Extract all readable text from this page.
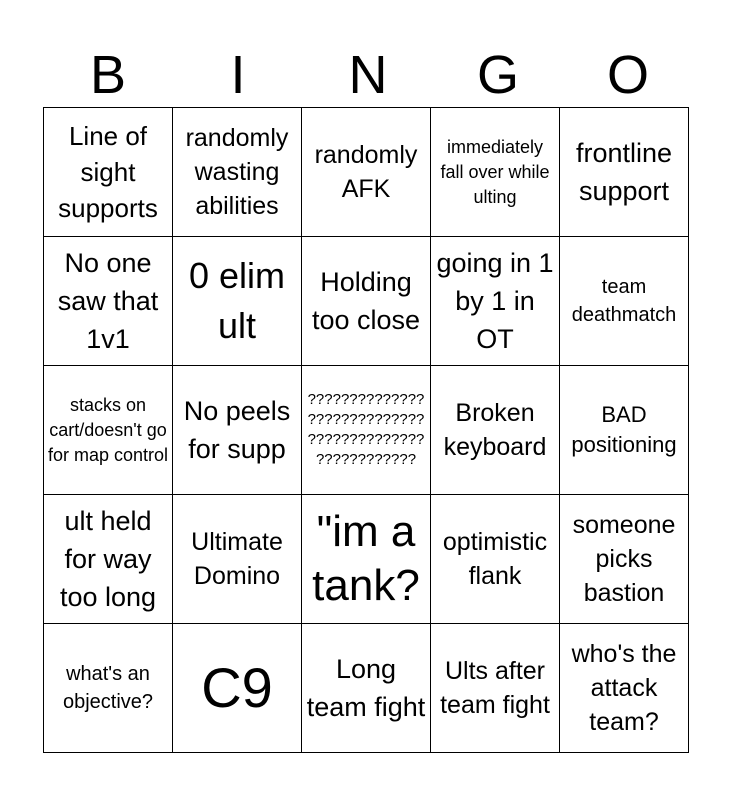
B	I	N	G	O
Line of sight supports	randomly wasting abilities	randomly AFK	immediately fall over while ulting	frontline support
No one saw that 1v1	0 elim ult	Holding too close	going in 1 by 1 in OT	team deathmatch
stacks on cart/doesn't go for map control	No peels for supp	??????????????????????????????????????????????????????	Broken keyboard	BAD positioning
ult held for way too long	Ultimate Domino	"im a tank?	optimistic flank	someone picks bastion
what's an objective?	C9	Long team fight	Ults after team fight	who's the attack team?
